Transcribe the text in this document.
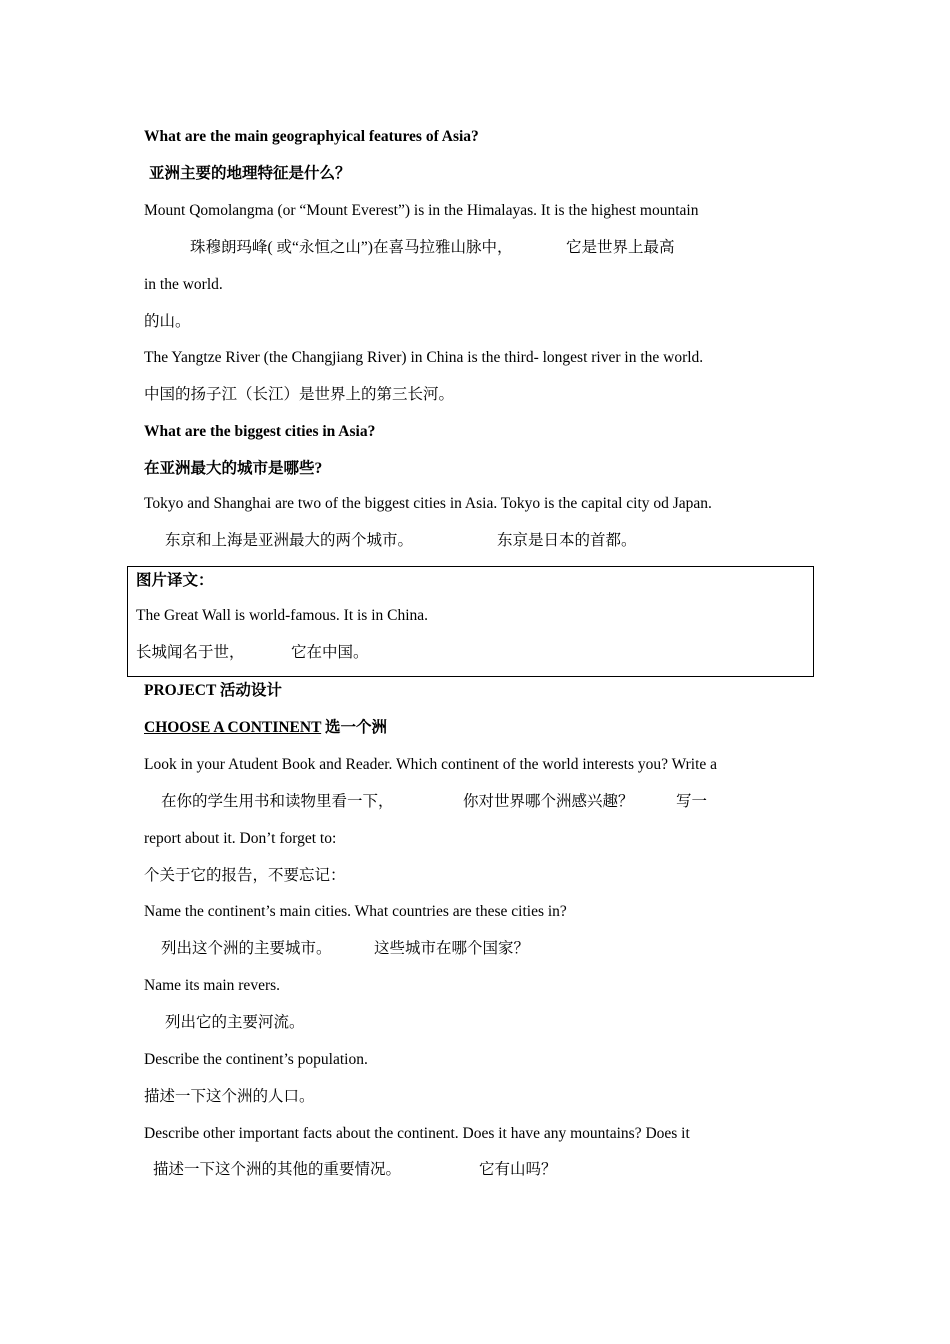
What are the main geographyical features of Asia?
亚洲主要的地理特征是什么？
Mount Qomolangma (or “Mount Everest”) is in the Himalayas. It is the highest mountain
珠穆朗玛峰( 或“永恒之山”)在喜马拉雅山脉中，	它是世界上最高
in the world.
的山。
The Yangtze River (the Changjiang River) in China is the third- longest river in the world.
中国的扬子江（长江）是世界上的第三长河。
What are the biggest cities in Asia?
在亚洲最大的城市是哪些?
Tokyo and Shanghai are two of the biggest cities in Asia. Tokyo is the capital city od Japan.
东京和上海是亚洲最大的两个城市。	东京是日本的首都。
图片译文：
The Great Wall is world-famous. It is in China.
长城闻名于世，	它在中国。
PROJECT 活动设计
CHOOSE A CONTINENT 选一个洲
Look in your Atudent Book and Reader. Which continent of the world interests you? Write a
在你的学生用书和读物里看一下，	你对世界哪个洲感兴趣？	写一
report about it. Don’t forget to:
个关于它的报告，不要忘记：
Name the continent’s main cities. What countries are these cities in?
列出这个洲的主要城市。	这些城市在哪个国家？
Name its main revers.
列出它的主要河流。
Describe the continent’s population.
描述一下这个洲的人口。
Describe other important facts about the continent. Does it have any mountains? Does it
描述一下这个洲的其他的重要情况。	它有山吗？
